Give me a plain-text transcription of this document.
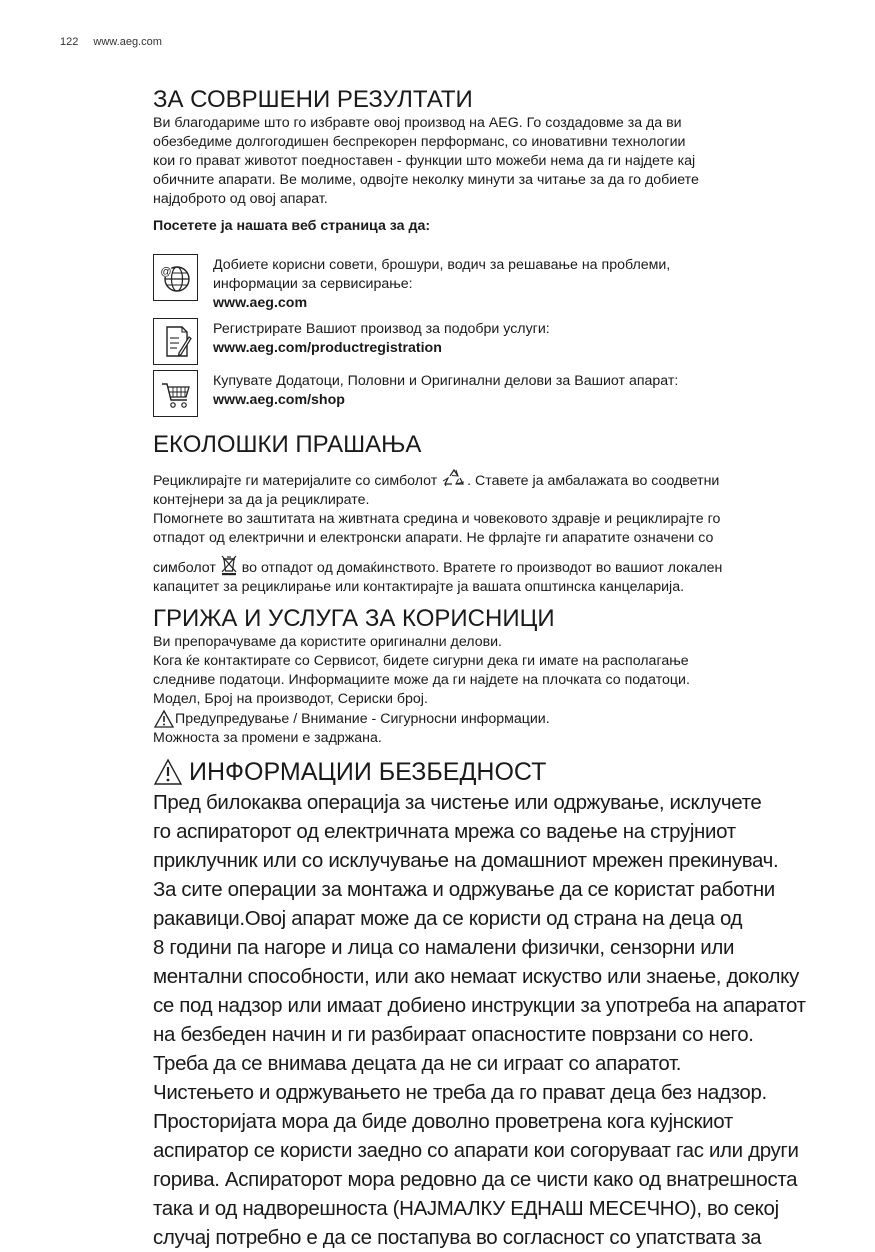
122 www.aeg.com
ЗА СОВРШЕНИ РЕЗУЛТАТИ

Ви благодариме што го избравте овој производ на AEG. Го создадовме за да ви

обезбедиме долгогодишен беспрекорен перформанс, со иновативни технологии

кои го прават животот поедноставен - функции што можеби нема да ги најдете кај

обичните апарати. Ве молиме, одвојте неколку минути за читање за да го добиете

најдоброто од овој апарат.

Посетете ја нашата веб страница за да:

@	Добиете корисни совети, брошури, водич за решавање на проблеми,
информации за сервисирање:
www.aeg.com
Регистрирате Вашиот производ за подобри услуги:
www.aeg.com/productregistration
Купувате Додатоци, Половни и Оригинални делови за Вашиот апарат:
www.aeg.com/shop
ЕКОЛОШКИ ПРАШАЊА

Рециклирајте ги материјалите со симболот . Ставете ја амбалажата во соодветни

контејнери за да ја рециклирате.

Помогнете во заштитата на живтната средина и човековото здравје и рециклирајте го

отпадот од електрични и електронски апарати. Не фрлајте ги апаратите означени со

симболот во отпадот од домаќинството. Вратете го производот во вашиот локален

капацитет за рециклирање или контактирајте ја вашата општинска канцеларија.

ГРИЖА И УСЛУГА ЗА КОРИСНИЦИ

Ви препорачуваме да користите оригинални делови.

Кога ќе контактирате со Сервисот, бидете сигурни дека ги имате на располагање

следниве податоци. Информациите може да ги најдете на плочката со податоци.

Модел, Број на производот, Сериски број.

Предупредување / Внимание - Сигурносни информации.

Можноста за промени е задржана.

ИНФОРМАЦИИ БЕЗБЕДНОСТ
Пред билокаква операција за чистење или одржување, исклучете
го аспираторот од електричната мрежа со вадење на струјниот
приклучник или со исклучување на домашниот мрежен прекинувач.
За сите операции за монтажа и одржување да се користат работни
ракавици.Овој апарат може да се користи од страна на деца од
8 години па нагоре и лица со намалени физички, сензорни или
ментални способности, или ако немаат искуство или знаење, доколку
се под надзор или имаат добиено инструкции за употреба на апаратот
на безбеден начин и ги разбираат опасностите поврзани со него.
Треба да се внимава децата да не си играат со апаратот.
Чистењето и одржувањето не треба да го прават деца без надзор.
Просторијата мора да биде доволно проветрена кога кујнскиот
аспиратор се користи заедно со апарати кои согоруваат гас или други
горива. Аспираторот мора редовно да се чисти како од внатрешноста
така и од надворешноста (НАЈМАЛКУ ЕДНАШ МЕСЕЧНО), во секој
случај потребно е да се постапува во согласност со упатствата за
